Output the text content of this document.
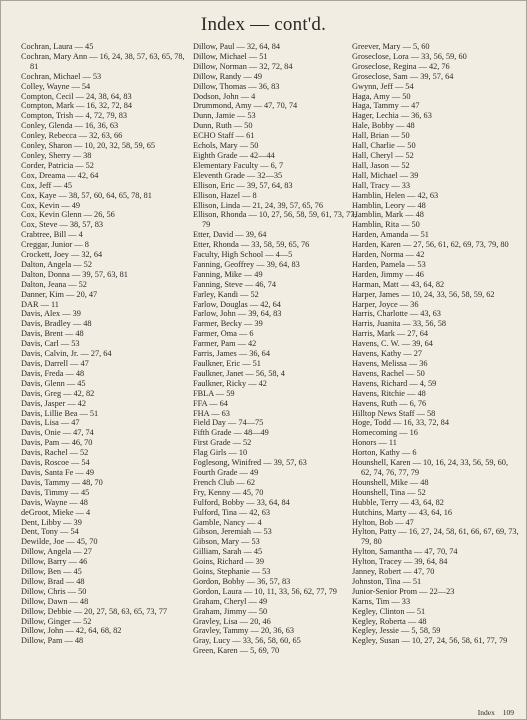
Index — cont'd.
Cochran, Laura — 45
Cochran, Mary Ann — 16, 24, 38, 57, 63, 65, 78, 81
Cochran, Michael — 53
Colley, Wayne — 54
Compton, Cecil — 24, 38, 64, 83
Compton, Mark — 16, 32, 72, 84
Compton, Trish — 4, 72, 79, 83
Conley, Glenda — 16, 36, 63
Conley, Rebecca — 32, 63, 66
Conley, Sharon — 10, 20, 32, 58, 59, 65
Conley, Sherry — 38
Corder, Patricia — 52
Cox, Dreama — 42, 64
Cox, Jeff — 45
Cox, Kaye — 38, 57, 60, 64, 65, 78, 81
Cox, Kevin — 49
Cox, Kevin Glenn — 26, 56
Cox, Steve — 38, 57, 83
Crabtree, Bill — 4
Creggar, Junior — 8
Crockett, Joey — 32, 64
Dalton, Angela — 52
Dalton, Donna — 39, 57, 63, 81
Dalton, Jeana — 52
Danner, Kim — 20, 47
DAR — 11
Davis, Alex — 39
Davis, Bradley — 48
Davis, Brent — 48
Davis, Carl — 53
Davis, Calvin, Jr. — 27, 64
Davis, Darrell — 47
Davis, Freda — 48
Davis, Glenn — 45
Davis, Greg — 42, 82
Davis, Jasper — 42
Davis, Lillie Bea — 51
Davis, Lisa — 47
Davis, Onie — 47, 74
Davis, Pam — 46, 70
Davis, Rachel — 52
Davis, Roscoe — 54
Davis, Santa Fe — 49
Davis, Tammy — 48, 70
Davis, Timmy — 45
Davis, Wayne — 48
deGroot, Mieke — 4
Dent, Libby — 39
Dent, Tony — 54
Dewilde, Joe — 45, 70
Dillow, Angela — 27
Dillow, Barry — 46
Dillow, Ben — 45
Dillow, Brad — 48
Dillow, Chris — 50
Dillow, Dawn — 48
Dillow, Debbie — 20, 27, 58, 63, 65, 73, 77
Dillow, Ginger — 52
Dillow, John — 42, 64, 68, 82
Dillow, Pam — 48
Dillow, Paul — 32, 64, 84
Dillow, Michael — 51
Dillow, Norman — 32, 72, 84
Dillow, Randy — 49
Dillow, Thomas — 36, 83
Dodson, John — 4
Drummond, Amy — 47, 70, 74
Dunn, Jamie — 53
Dunn, Ruth — 50
ECHO Staff — 61
Echols, Mary — 50
Eighth Grade — 42—44
Elementary Faculty — 6, 7
Eleventh Grade — 32—35
Ellison, Eric — 39, 57, 64, 83
Ellison, Hazel — 8
Ellison, Linda — 21, 24, 39, 57, 65, 76
Ellison, Rhonda — 10, 27, 56, 58, 59, 61, 73, 77, 79
Etter, David — 39, 64
Etter, Rhonda — 33, 58, 59, 65, 76
Faculty, High School — 4—5
Fanning, Geoffrey — 39, 64, 83
Fanning, Mike — 49
Fanning, Steve — 46, 74
Farley, Kandi — 52
Farlow, Douglas — 42, 64
Farlow, John — 39, 64, 83
Farmer, Becky — 39
Farmer, Oma — 6
Farmer, Pam — 42
Farris, James — 36, 64
Faulkner, Eric — 51
Faulkner, Janet — 56, 58, 4
Faulkner, Ricky — 42
FBLA — 59
FFA — 64
FHA — 63
Field Day — 74—75
Fifth Grade — 48—49
First Grade — 52
Flag Girls — 10
Foglesong, Winifred — 39, 57, 63
Fourth Grade — 49
French Club — 62
Fry, Kenny — 45, 70
Fulford, Bobby — 33, 64, 84
Fulford, Tina — 42, 63
Gamble, Nancy — 4
Gibson, Jeremiah — 53
Gibson, Mary — 53
Gilliam, Sarah — 45
Goins, Richard — 39
Goins, Stephanie — 53
Gordon, Bobby — 36, 57, 83
Gordon, Laura — 10, 11, 33, 56, 62, 77, 79
Graham, Cheryl — 49
Graham, Jimmy — 50
Gravley, Lisa — 20, 46
Gravley, Tammy — 20, 36, 63
Gray, Lucy — 33, 56, 58, 60, 65
Green, Karen — 5, 69, 70
Greever, Mary — 5, 60
Groseclose, Lora — 33, 56, 59, 60
Groseclose, Regina — 42, 76
Groseclose, Sam — 39, 57, 64
Gwynn, Jeff — 54
Haga, Amy — 50
Haga, Tammy — 47
Hager, Lechia — 36, 63
Hale, Bobby — 48
Hall, Brian — 50
Hall, Charlie — 50
Hall, Cheryl — 52
Hall, Jason — 52
Hall, Michael — 39
Hall, Tracy — 33
Hamblin, Helen — 42, 63
Hamblin, Leory — 48
Hamblin, Mark — 48
Hamblin, Rita — 50
Harden, Amanda — 51
Harden, Karen — 27, 56, 61, 62, 69, 73, 79, 80
Harden, Norma — 42
Harden, Pamela — 53
Harden, Jimmy — 46
Harman, Matt — 43, 64, 82
Harper, James — 10, 24, 33, 56, 58, 59, 62
Harper, Joyce — 36
Harris, Charlotte — 43, 63
Harris, Juanita — 33, 56, 58
Harris, Mark — 27, 64
Havens, C. W. — 39, 64
Havens, Kathy — 27
Havens, Melissa — 36
Havens, Rachel — 50
Havens, Richard — 4, 59
Havens, Ritchie — 48
Havens, Ruth — 6, 76
Hilltop News Staff — 58
Hoge, Todd — 16, 33, 72, 84
Homecoming — 16
Honors — 11
Horton, Kathy — 6
Hounshell, Karen — 10, 16, 24, 33, 56, 59, 60, 62, 74, 76, 77, 79
Hounshell, Mike — 48
Hounshell, Tina — 52
Hubble, Terry — 43, 64, 82
Hutchins, Marty — 43, 64, 16
Hylton, Bob — 47
Hylton, Patty — 16, 27, 24, 58, 61, 66, 67, 69, 73, 79, 80
Hylton, Samantha — 47, 70, 74
Hylton, Tracey — 39, 64, 84
Janney, Robert — 47, 70
Johnston, Tina — 51
Junior-Senior Prom — 22—23
Karns, Tim — 33
Kegley, Clinton — 51
Kegley, Roberta — 48
Kegley, Jessie — 5, 58, 59
Kegley, Susan — 10, 27, 24, 56, 58, 61, 77, 79
Index 109
